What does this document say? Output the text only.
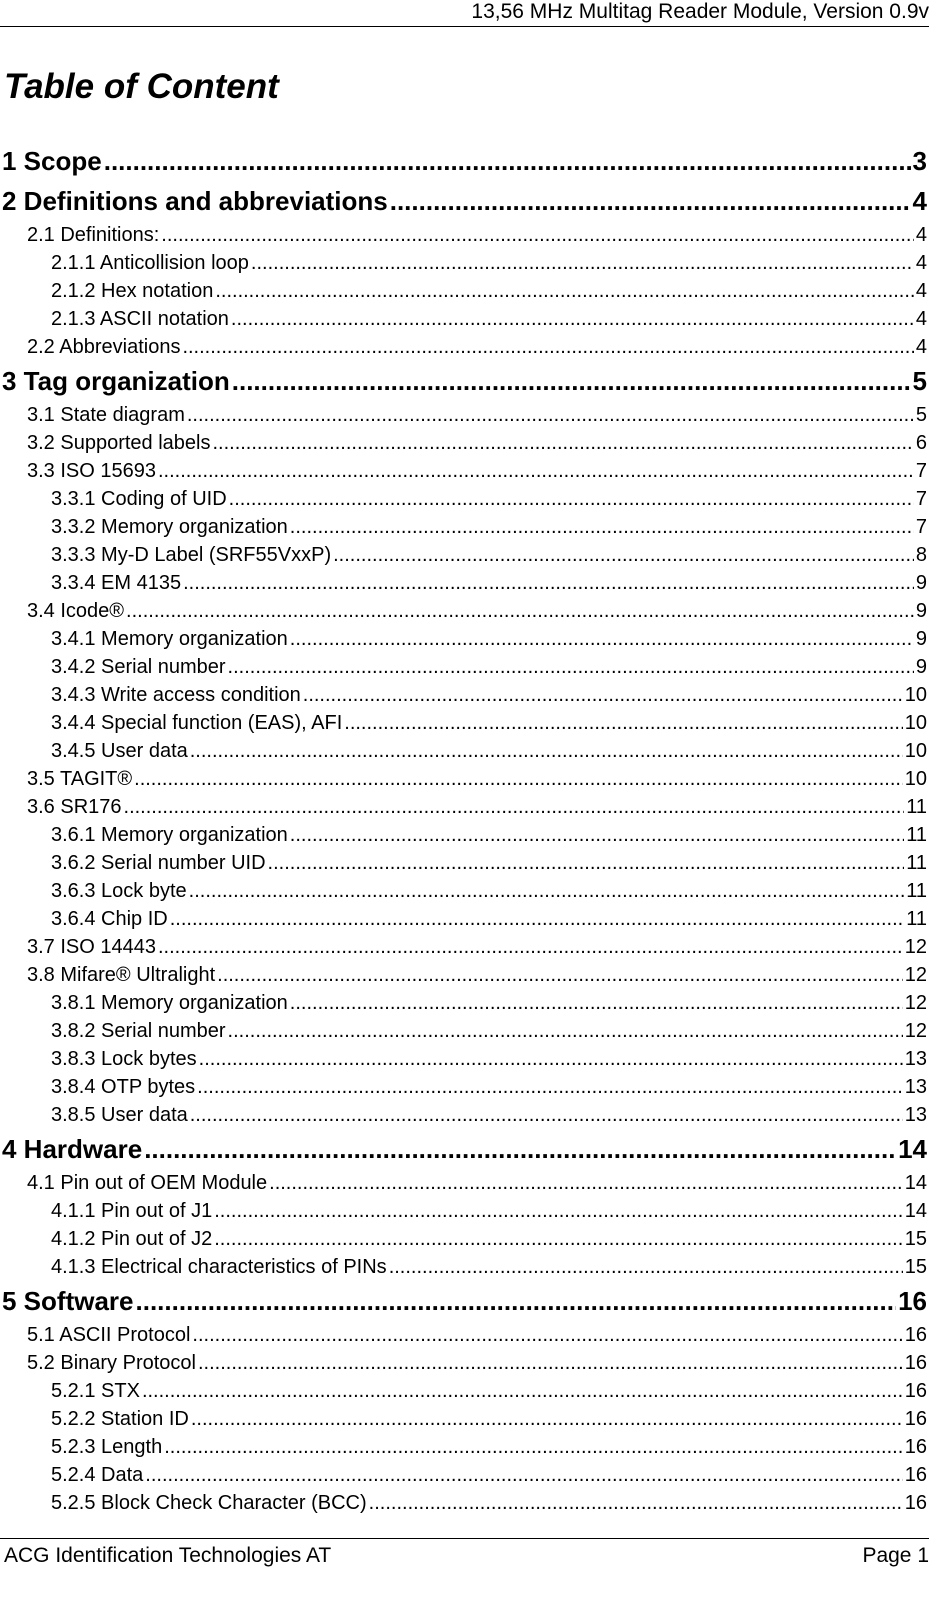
13,56 MHz Multitag Reader Module, Version 0.9v
Table of Content
1 Scope .....	3
2 Definitions and abbreviations .....	4
2.1 Definitions: .....	4
2.1.1 Anticollision loop .....	4
2.1.2 Hex notation .....	4
2.1.3 ASCII notation .....	4
2.2 Abbreviations .....	4
3 Tag organization .....	5
3.1 State diagram .....	5
3.2 Supported labels .....	6
3.3 ISO 15693 .....	7
3.3.1 Coding of UID .....	7
3.3.2 Memory organization .....	7
3.3.3 My-D Label (SRF55VxxP) .....	8
3.3.4 EM 4135 .....	9
3.4 Icode® .....	9
3.4.1 Memory organization .....	9
3.4.2 Serial number .....	9
3.4.3 Write access condition .....	10
3.4.4 Special function (EAS), AFI .....	10
3.4.5 User data .....	10
3.5 TAGIT® .....	10
3.6 SR176 .....	11
3.6.1 Memory organization .....	11
3.6.2 Serial number UID .....	11
3.6.3 Lock byte .....	11
3.6.4 Chip ID .....	11
3.7 ISO 14443 .....	12
3.8 Mifare® Ultralight .....	12
3.8.1 Memory organization .....	12
3.8.2 Serial number .....	12
3.8.3 Lock bytes .....	13
3.8.4 OTP bytes .....	13
3.8.5 User data .....	13
4 Hardware .....	14
4.1 Pin out of OEM Module .....	14
4.1.1 Pin out of J1 .....	14
4.1.2 Pin out of J2 .....	15
4.1.3 Electrical characteristics of PINs .....	15
5 Software .....	16
5.1 ASCII Protocol .....	16
5.2 Binary Protocol .....	16
5.2.1 STX .....	16
5.2.2 Station ID .....	16
5.2.3 Length .....	16
5.2.4 Data .....	16
5.2.5 Block Check Character (BCC) .....	16
ACG Identification Technologies AT	Page 1
